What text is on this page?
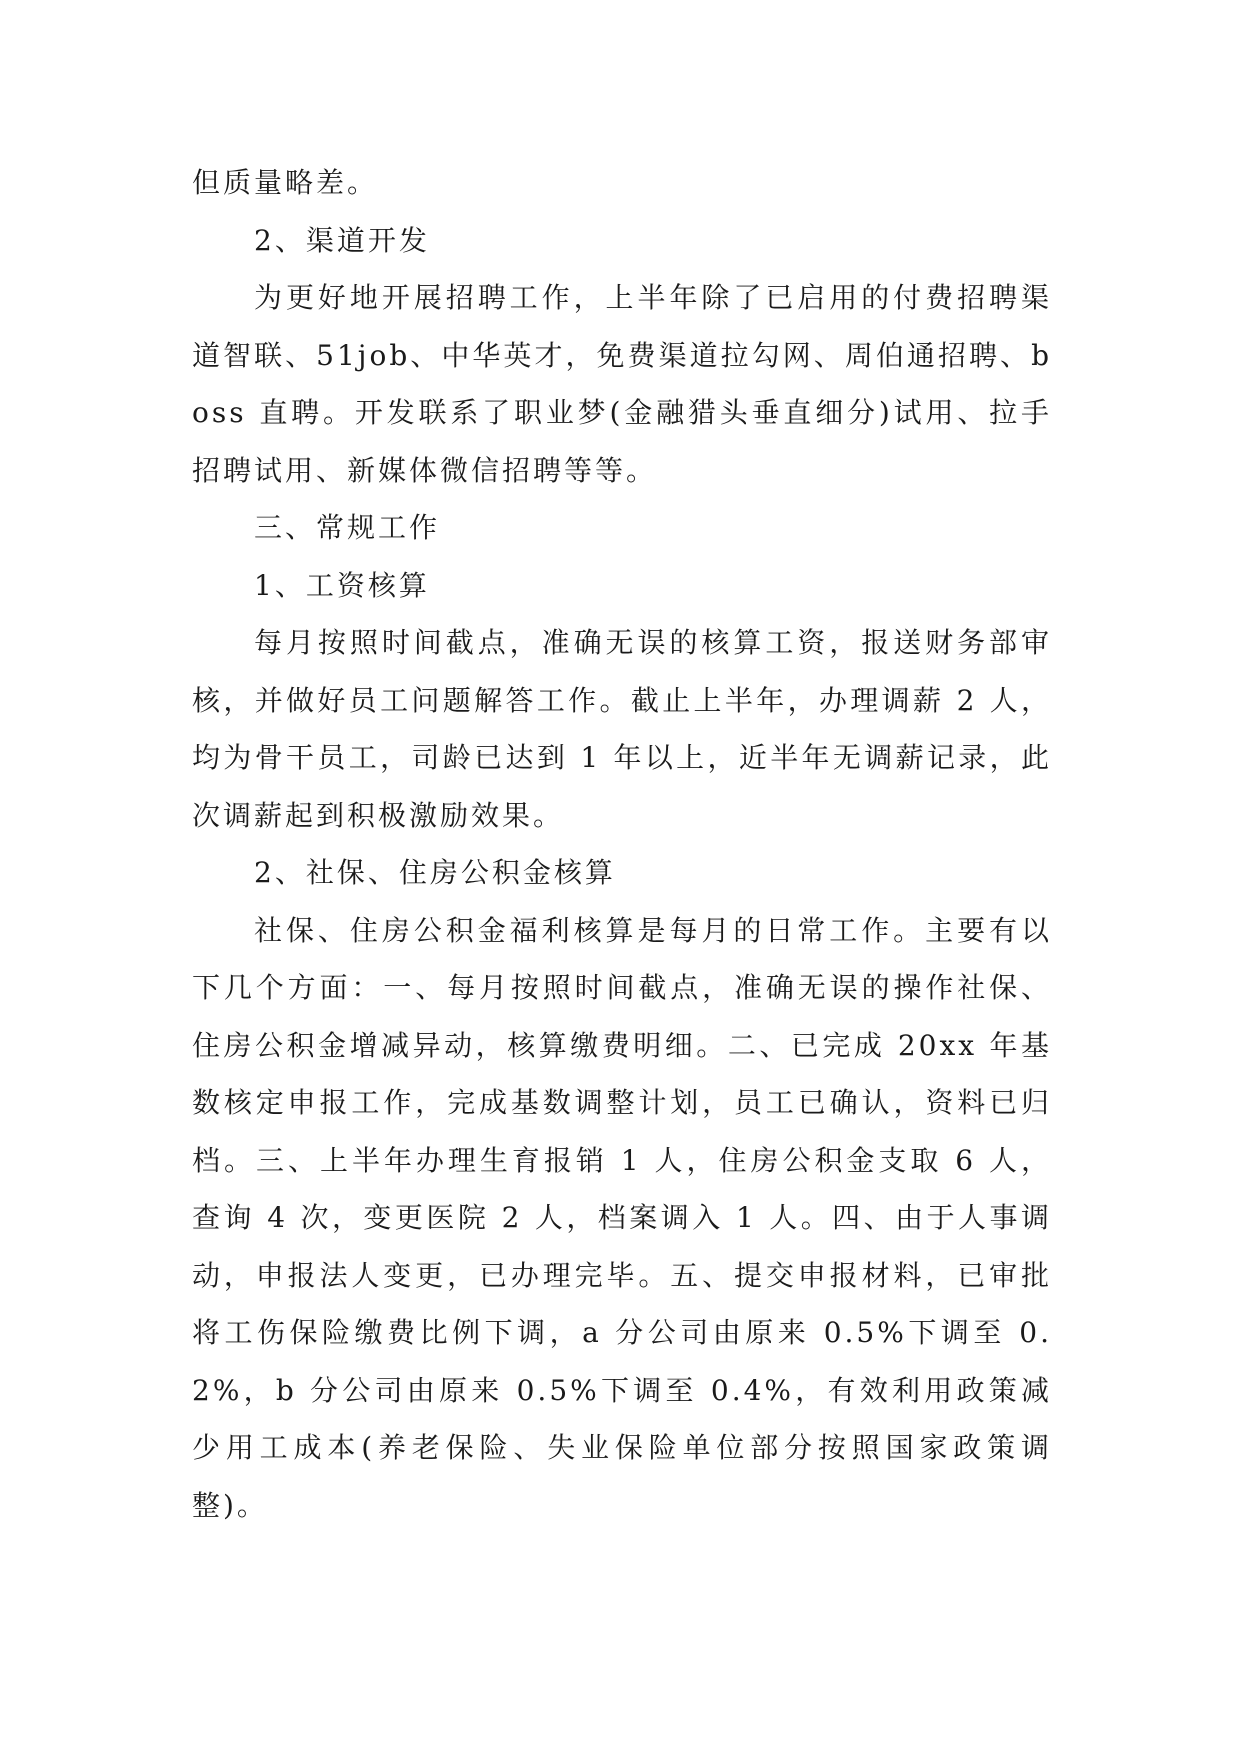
但质量略差。

2、渠道开发

为更好地开展招聘工作，上半年除了已启用的付费招聘渠道智联、51job、中华英才，免费渠道拉勾网、周伯通招聘、boss 直聘。开发联系了职业梦(金融猎头垂直细分)试用、拉手招聘试用、新媒体微信招聘等等。

三、常规工作

1、工资核算

每月按照时间截点，准确无误的核算工资，报送财务部审核，并做好员工问题解答工作。截止上半年，办理调薪 2 人，均为骨干员工，司龄已达到 1 年以上，近半年无调薪记录，此次调薪起到积极激励效果。

2、社保、住房公积金核算

社保、住房公积金福利核算是每月的日常工作。主要有以下几个方面：一、每月按照时间截点，准确无误的操作社保、住房公积金增减异动，核算缴费明细。二、已完成 20xx 年基数核定申报工作，完成基数调整计划，员工已确认，资料已归档。三、上半年办理生育报销 1 人，住房公积金支取 6 人，查询 4 次，变更医院 2 人，档案调入 1 人。四、由于人事调动，申报法人变更，已办理完毕。五、提交申报材料，已审批将工伤保险缴费比例下调，a 分公司由原来 0.5%下调至 0.2%，b 分公司由原来 0.5%下调至 0.4%，有效利用政策减少用工成本(养老保险、失业保险单位部分按照国家政策调整)。
